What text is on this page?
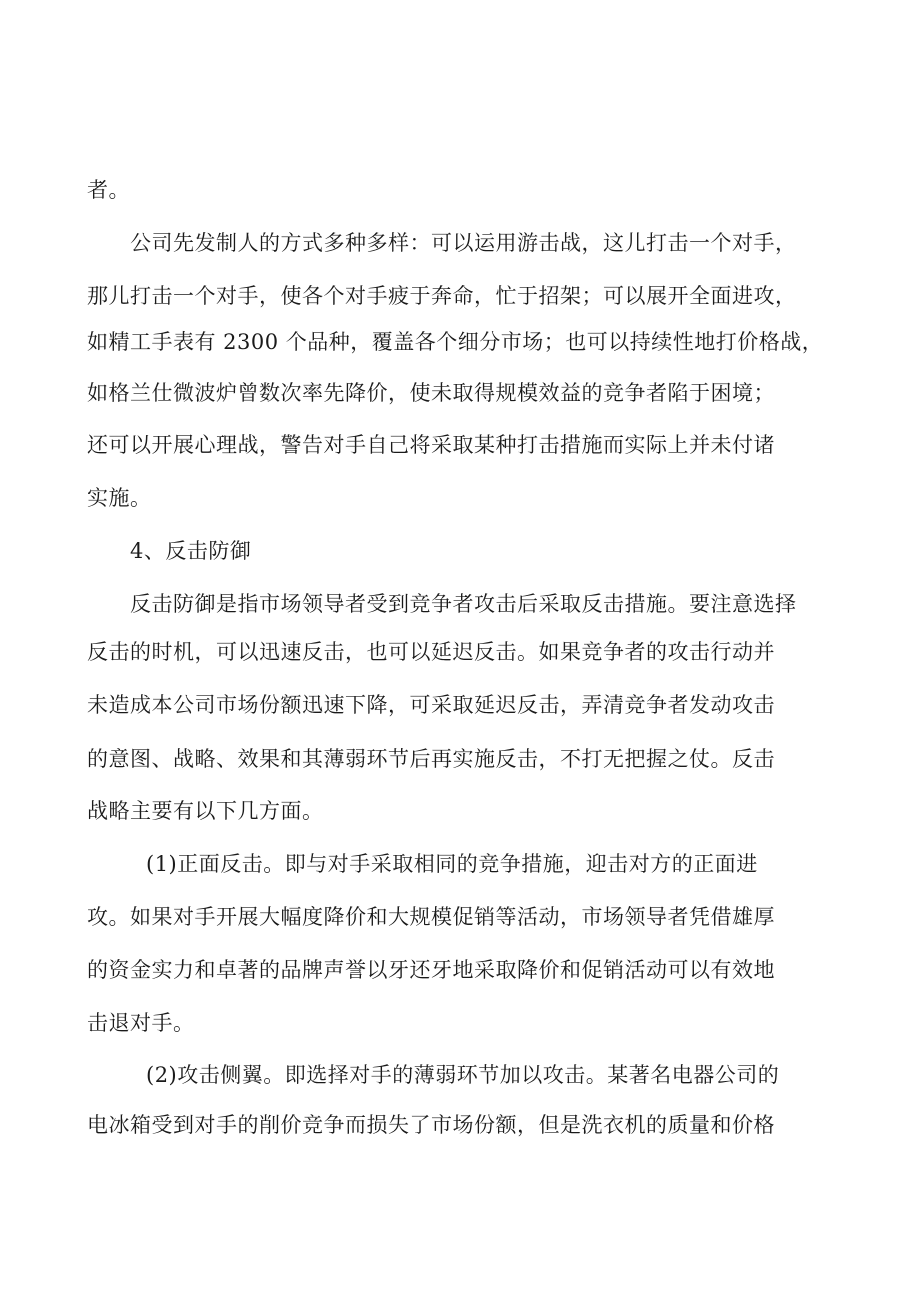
者。
公司先发制人的方式多种多样：可以运用游击战，这儿打击一个对手，
那儿打击一个对手，使各个对手疲于奔命，忙于招架；可以展开全面进攻，
如精工手表有 2300 个品种，覆盖各个细分市场；也可以持续性地打价格战，
如格兰仕微波炉曾数次率先降价，使未取得规模效益的竞争者陷于困境；
还可以开展心理战，警告对手自己将采取某种打击措施而实际上并未付诸
实施。
4、反击防御
反击防御是指市场领导者受到竞争者攻击后采取反击措施。要注意选择
反击的时机，可以迅速反击，也可以延迟反击。如果竞争者的攻击行动并
未造成本公司市场份额迅速下降，可采取延迟反击，弄清竞争者发动攻击
的意图、战略、效果和其薄弱环节后再实施反击，不打无把握之仗。反击
战略主要有以下几方面。
(1)正面反击。即与对手采取相同的竞争措施，迎击对方的正面进
攻。如果对手开展大幅度降价和大规模促销等活动，市场领导者凭借雄厚
的资金实力和卓著的品牌声誉以牙还牙地采取降价和促销活动可以有效地
击退对手。
(2)攻击侧翼。即选择对手的薄弱环节加以攻击。某著名电器公司的
电冰箱受到对手的削价竞争而损失了市场份额，但是洗衣机的质量和价格
